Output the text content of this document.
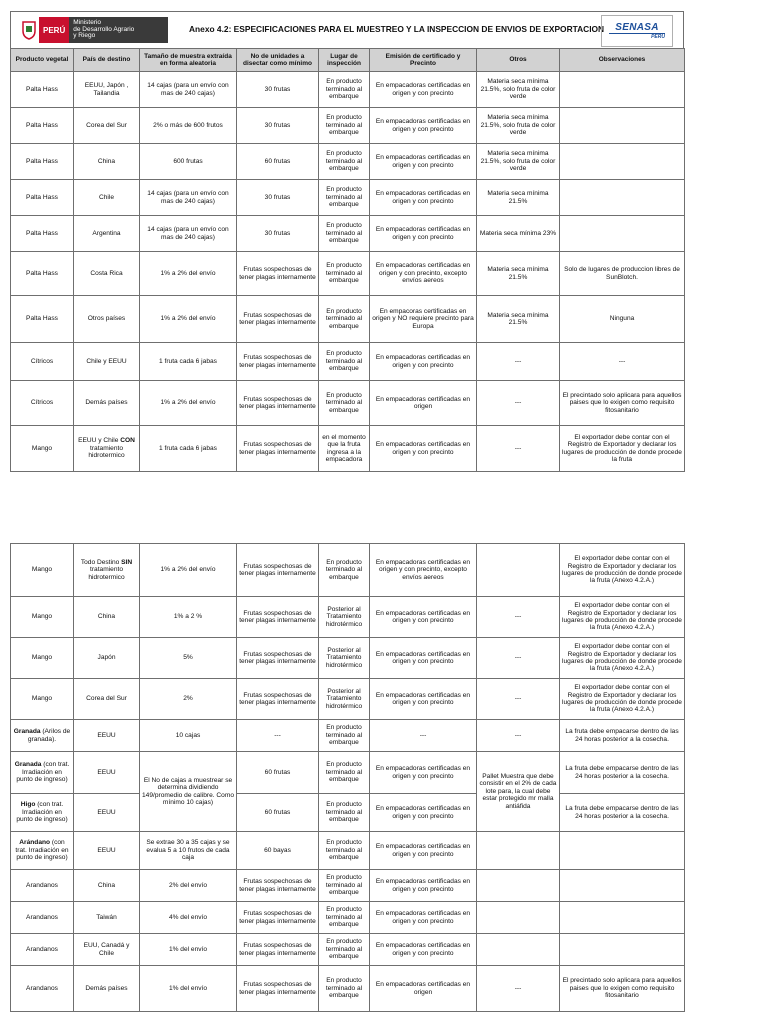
PERÚ
Ministerio
de Desarrollo Agrario
y Riego
Anexo 4.2: ESPECIFICACIONES PARA EL MUESTREO Y LA INSPECCION DE ENVIOS DE EXPORTACION SENASA
PERU
Producto vegetal	País de destino	Tamaño de muestra extraída en forma aleatoria	No de unidades a disectar como mínimo	Lugar de inspección	Emisión de certificado y Precinto	Otros	Observaciones
Palta Hass	EEUU, Japón , Tailandia	14 cajas (para un envío con mas de 240 cajas)	30 frutas	En producto terminado al embarque	En empacadoras certificadas en origen y con precinto	Materia seca mínima 21.5%, solo fruta de color verde	
Palta Hass	Corea del Sur	2% o más de 600 frutos	30 frutas	En producto terminado al embarque	En empacadoras certificadas en origen y con precinto	Materia seca mínima 21.5%, solo fruta de color verde	
Palta Hass	China	600 frutas	60 frutas	En producto terminado al embarque	En empacadoras certificadas en origen y con precinto	Materia seca mínima 21.5%, solo fruta de color verde	
Palta Hass	Chile	14 cajas (para un envío con mas de 240 cajas)	30 frutas	En producto terminado al embarque	En empacadoras certificadas en origen y con precinto	Materia seca mínima 21.5%	
Palta Hass	Argentina	14 cajas (para un envío con mas de 240 cajas)	30 frutas	En producto terminado al embarque	En empacadoras certificadas en origen y con precinto	Materia seca mínima 23%	
Palta Hass	Costa Rica	1% a 2% del envío	Frutas sospechosas de tener plagas internamente	En producto terminado al embarque	En empacadoras certificadas en origen y con precinto, excepto envíos aereos	Materia seca mínima 21.5%	Solo de lugares de produccion libres de SunBlotch.
Palta Hass	Otros países	1% a 2% del envío	Frutas sospechosas de tener plagas internamente	En producto terminado al embarque	En empacoras certificadas en origen y NO requiere precinto para Europa	Materia seca mínima 21.5%	Ninguna
Cítricos	Chile y EEUU	1 fruta cada 6 jabas	Frutas sospechosas de tener plagas internamente	En producto terminado al embarque	En empacadoras certificadas en origen y con precinto	---	---
Cítricos	Demás países	1% a 2% del envío	Frutas sospechosas de tener plagas internamente	En producto terminado al embarque	En empacadoras certificadas en origen	---	El precintado solo aplicara para aquellos paises que lo exigen como requisito fitosanitario
Mango	EEUU y Chile CON tratamiento hidrotermico	1 fruta cada 6 jabas	Frutas sospechosas de tener plagas internamente	en el momento que la fruta ingresa a la empacadora	En empacadoras certificadas en origen y con precinto	---	El exportador debe contar con el Registro de Exportador y declarar los lugares de producción de donde procede la fruta
Mango	Todo Destino SIN tratamiento hidrotermico	1% a 2% del envío	Frutas sospechosas de tener plagas internamente	En producto terminado al embarque	En empacadoras certificadas en origen y con precinto, excepto envíos aereos		El exportador debe contar con el Registro de Exportador y declarar los lugares de producción de donde procede la fruta (Anexo 4.2.A.)
Mango	China	1% a 2 %	Frutas sospechosas de tener plagas internamente	Posterior al Tratamiento hidrotérmico	En empacadoras certificadas en origen y con precinto	---	El exportador debe contar con el Registro de Exportador y declarar los lugares de producción de donde procede la fruta (Anexo 4.2.A.)
Mango	Japón	5%	Frutas sospechosas de tener plagas internamente	Posterior al Tratamiento hidrotérmico	En empacadoras certificadas en origen y con precinto	---	El exportador debe contar con el Registro de Exportador y declarar los lugares de producción de donde procede la fruta (Anexo 4.2.A.)
Mango	Corea del Sur	2%	Frutas sospechosas de tener plagas internamente	Posterior al Tratamiento hidrotérmico	En empacadoras certificadas en origen y con precinto	---	El exportador debe contar con el Registro de Exportador y declarar los lugares de producción de donde procede la fruta (Anexo 4.2.A.)
Granada (Arilos de granada).	EEUU	10 cajas	---	En producto terminado al embarque	---	---	La fruta debe empacarse dentro de las 24 horas posterior a la cosecha.
Granada (con trat. Irradiación en punto de ingreso)	EEUU	El No de cajas a muestrear se determina dividiendo 149/promedio de calibre. Como mínimo 10 cajas)	60 frutas	En producto terminado al embarque	En empacadoras certificadas en origen y con precinto	Pallet Muestra que debe consistir en el 2% de cada lote para, la cual debe estar protegido mr malla antiáfida	La fruta debe empacarse dentro de las 24 horas posterior a la cosecha.
Higo (con trat. Irradiación en punto de ingreso)	EEUU		60 frutas	En producto terminado al embarque	En empacadoras certificadas en origen y con precinto		La fruta debe empacarse dentro de las 24 horas posterior a la cosecha.
Arándano (con trat. Irradiación en punto de ingreso)	EEUU	Se extrae 30 a 35 cajas y se evalua 5 a 10 frutos de cada caja	60 bayas	En producto terminado al embarque	En empacadoras certificadas en origen y con precinto		
Arandanos	China	2% del envío	Frutas sospechosas de tener plagas internamente	En producto terminado al embarque	En empacadoras certificadas en origen y con precinto		
Arandanos	Taiwán	4% del envío	Frutas sospechosas de tener plagas internamente	En producto terminado al embarque	En empacadoras certificadas en origen y con precinto		
Arandanos	EUU, Canadá y Chile	1% del envío	Frutas sospechosas de tener plagas internamente	En producto terminado al embarque	En empacadoras certificadas en origen y con precinto		
Arandanos	Demás países	1% del envío	Frutas sospechosas de tener plagas internamente	En producto terminado al embarque	En empacadoras certificadas en origen	---	El precintado solo aplicara para aquellos paises que lo exigen como requisito fitosanitario
